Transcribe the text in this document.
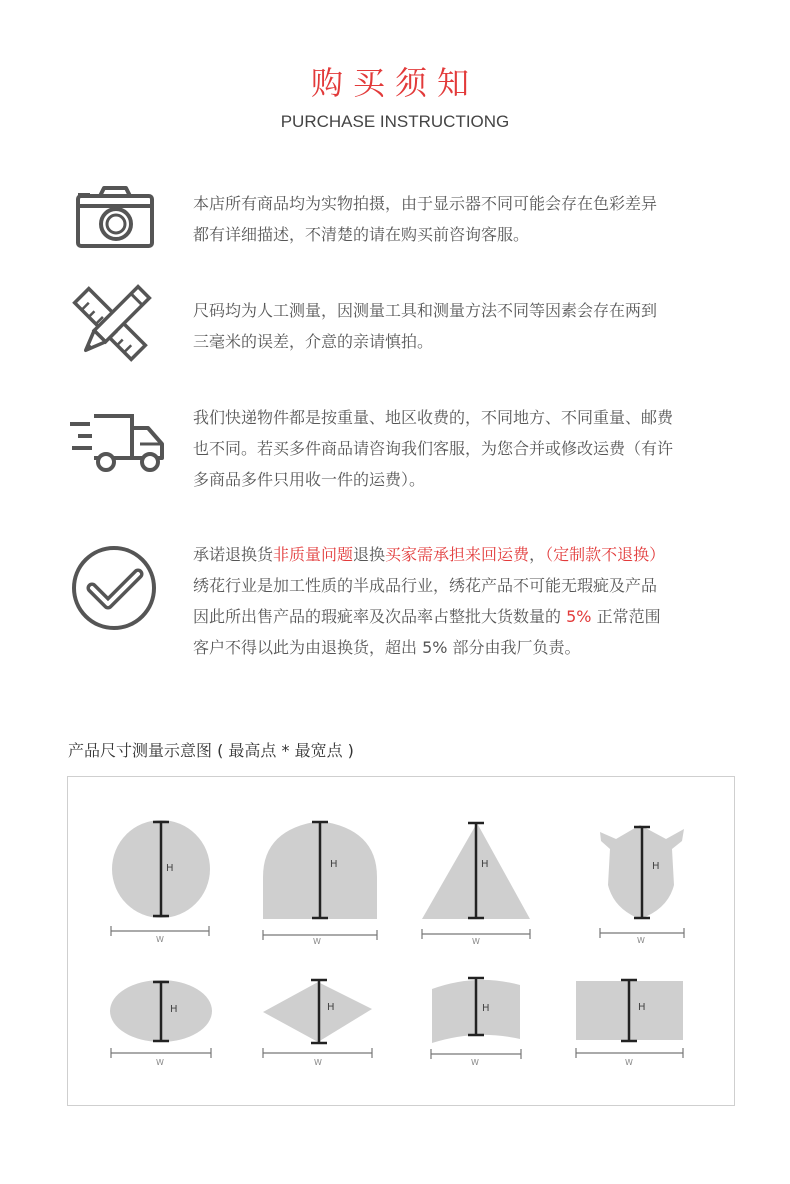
购买须知
PURCHASE INSTRUCTIONG
本店所有商品均为实物拍摄，由于显示器不同可能会存在色彩差异
都有详细描述，不清楚的请在购买前咨询客服。
尺码均为人工测量，因测量工具和测量方法不同等因素会存在两到
三毫米的误差，介意的亲请慎拍。
我们快递物件都是按重量、地区收费的，不同地方、不同重量、邮费
也不同。若买多件商品请咨询我们客服，为您合并或修改运费（有许
多商品多件只用收一件的运费）。
承诺退换货非质量问题退换买家需承担来回运费，（定制款不退换）
绣花行业是加工性质的半成品行业，绣花产品不可能无瑕疵及产品
因此所出售产品的瑕疵率及次品率占整批大货数量的 5% 正常范围
客户不得以此为由退换货，超出 5% 部分由我厂负责。
产品尺寸测量示意图 ( 最高点 * 最宽点 )
H
W
H
W
H
W
H
W
H
W
H
W
H
W
H
W
